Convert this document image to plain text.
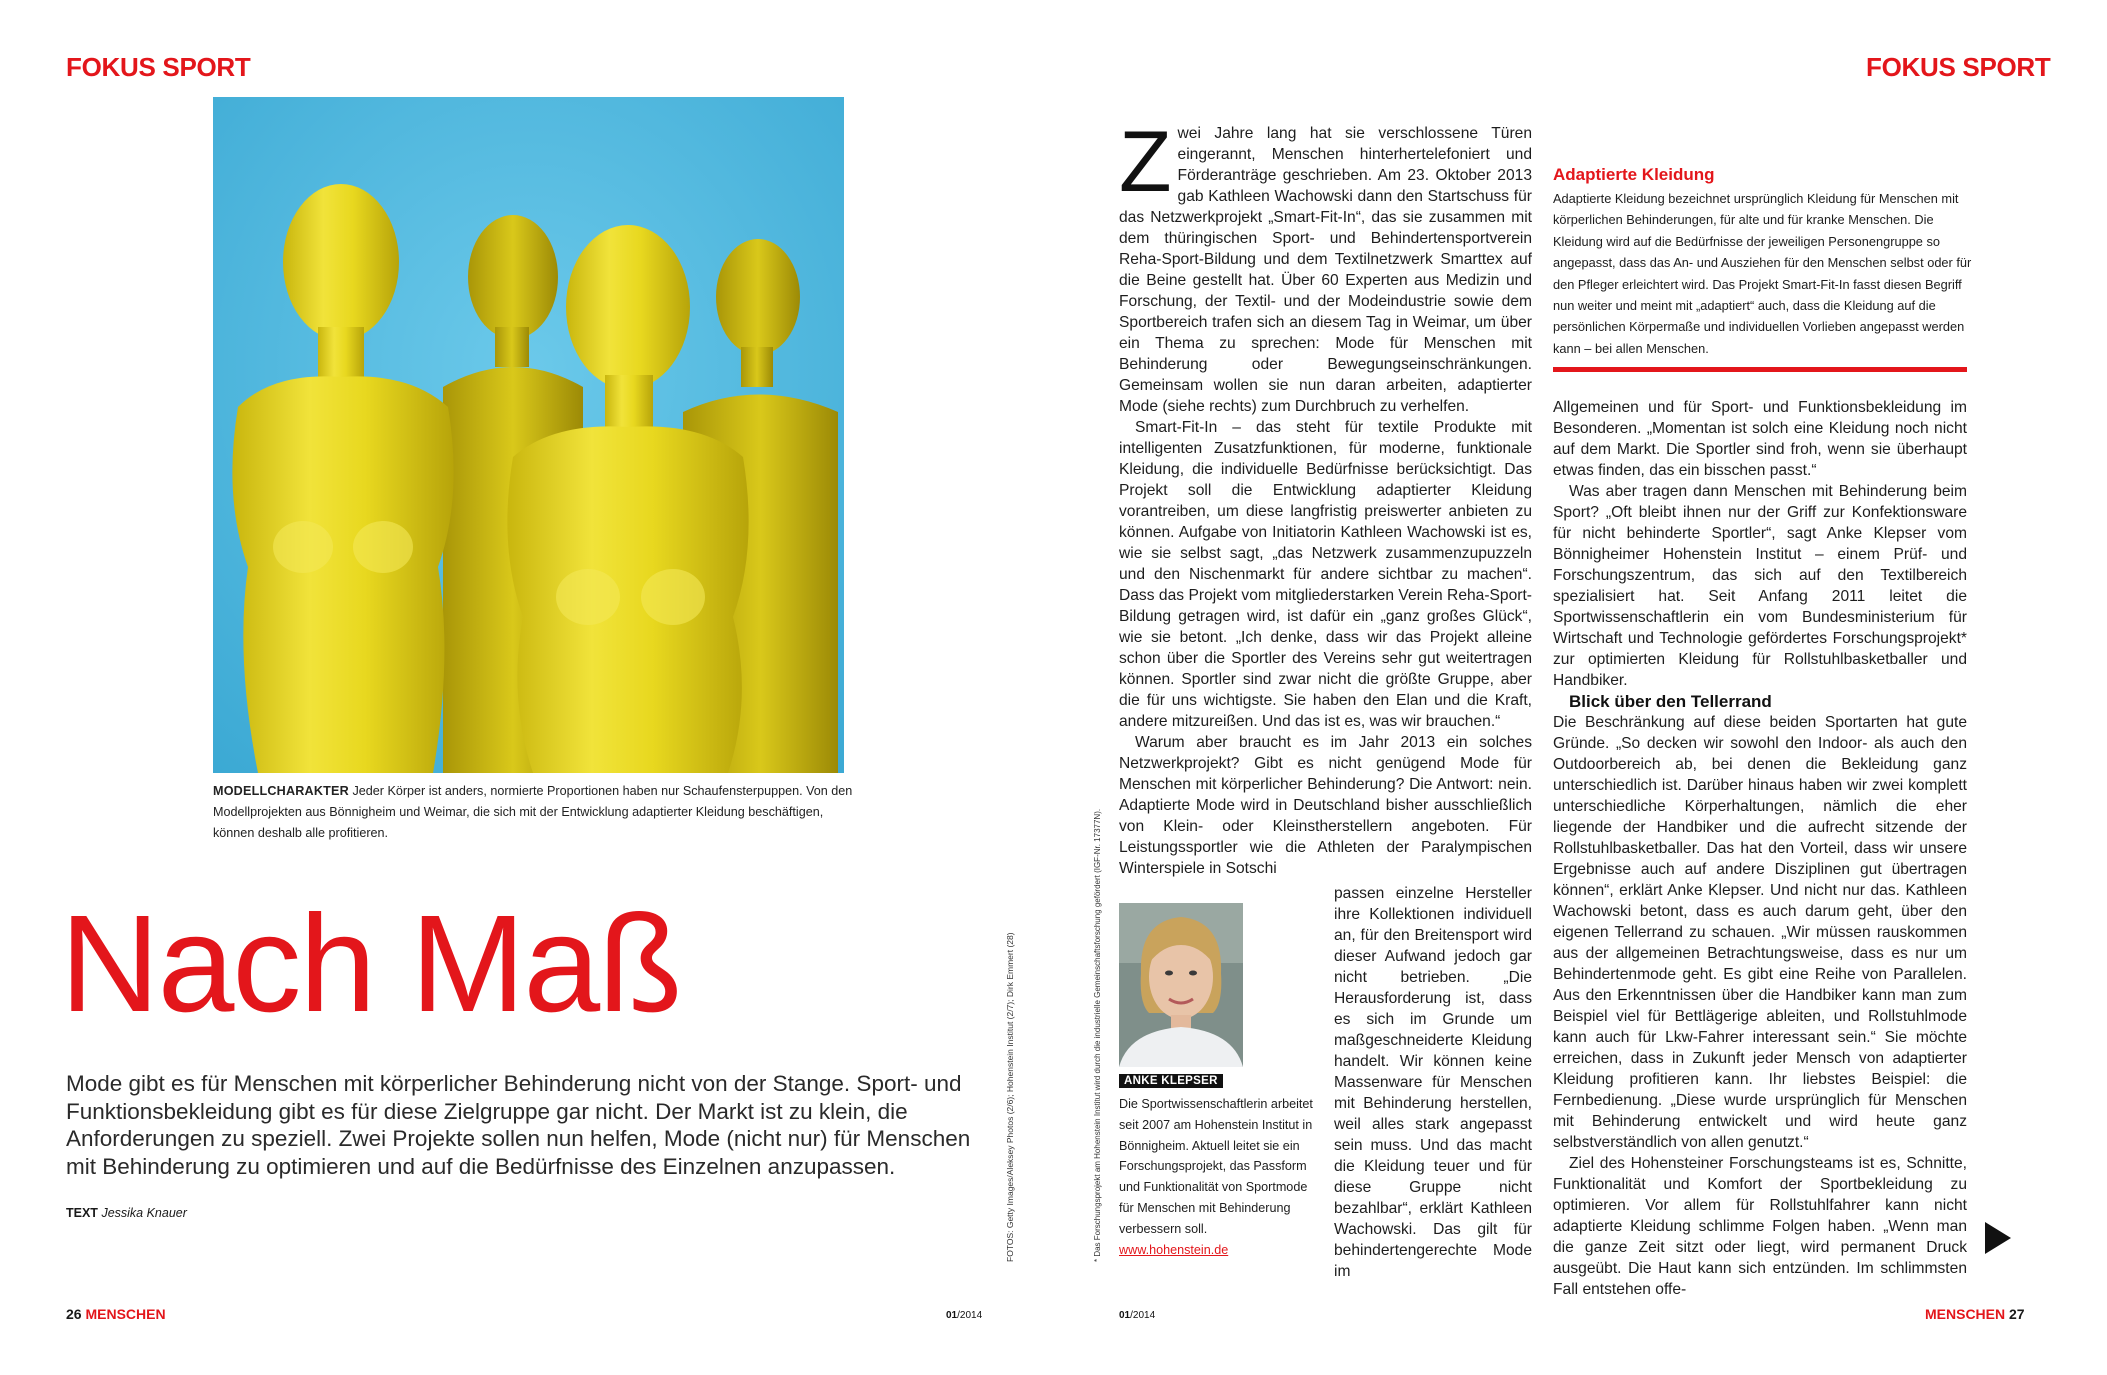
FOKUS SPORT
MODELLCHARAKTER Jeder Körper ist anders, normierte Proportionen haben nur Schaufensterpuppen. Von den Modellprojekten aus Bönnigheim und Weimar, die sich mit der Entwicklung adaptierter Kleidung beschäftigen, können deshalb alle profitieren.
Nach Maß
Mode gibt es für Menschen mit körperlicher Behinderung nicht von der Stange. Sport- und Funktionsbekleidung gibt es für diese Zielgruppe gar nicht. Der Markt ist zu klein, die Anforderungen zu speziell. Zwei Projekte sollen nun helfen, Mode (nicht nur) für Menschen mit Behinderung zu optimieren und auf die Bedürfnisse des Einzelnen anzupassen.
TEXT Jessika Knauer	FOTOS: Getty Images/Aleksey Photos (2/6); Hohenstein Institut (2/7); Dirk Emmert (28)
26 MENSCHEN	01/2014
FOKUS SPORT

Zwei Jahre lang hat sie verschlossene Türen eingerannt, Menschen hinterhertelefoniert und Förderanträge geschrieben. Am 23. Oktober 2013 gab Kathleen Wachowski dann den Startschuss für das Netzwerkprojekt „Smart-Fit-In“, das sie zusammen mit dem thüringischen Sport- und Behindertensportverein Reha-Sport-Bildung und dem Textilnetzwerk Smarttex auf die Beine gestellt hat. Über 60 Experten aus Medizin und Forschung, der Textil- und der Modeindustrie sowie dem Sportbereich trafen sich an diesem Tag in Weimar, um über ein Thema zu sprechen: Mode für Menschen mit Behinderung oder Bewegungseinschränkungen. Gemeinsam wollen sie nun daran arbeiten, adaptierter Mode (siehe rechts) zum Durchbruch zu verhelfen.

Smart-Fit-In – das steht für textile Produkte mit intelligenten Zusatzfunktionen, für moderne, funktionale Kleidung, die individuelle Bedürfnisse berücksichtigt. Das Projekt soll die Entwicklung adaptierter Kleidung vorantreiben, um diese langfristig preiswerter anbieten zu können. Aufgabe von Initiatorin Kathleen Wachowski ist es, wie sie selbst sagt, „das Netzwerk zusammenzupuzzeln und den Nischenmarkt für andere sichtbar zu machen“. Dass das Projekt vom mitgliederstarken Verein Reha-Sport-Bildung getragen wird, ist dafür ein „ganz großes Glück“, wie sie betont. „Ich denke, dass wir das Projekt alleine schon über die Sportler des Vereins sehr gut weitertragen können. Sportler sind zwar nicht die größte Gruppe, aber die für uns wichtigste. Sie haben den Elan und die Kraft, andere mitzureißen. Und das ist es, was wir brauchen.“

Warum aber braucht es im Jahr 2013 ein solches Netzwerkprojekt? Gibt es nicht genügend Mode für Menschen mit körperlicher Behinderung? Die Antwort: nein. Adaptierte Mode wird in Deutschland bisher ausschließlich von Klein- oder Kleinstherstellern angeboten. Für Leistungssportler wie die Athleten der Paralympischen Winterspiele in Sotschi

passen einzelne Hersteller ihre Kollektionen individuell an, für den Breitensport wird dieser Aufwand jedoch gar nicht betrieben. „Die Herausforderung ist, dass es sich im Grunde um maßgeschneiderte Kleidung handelt. Wir können keine Massenware für Menschen mit Behinderung herstellen, weil alles stark angepasst sein muss. Und das macht die Kleidung teuer und für diese Gruppe nicht bezahlbar“, erklärt Kathleen Wachowski. Das gilt für behindertengerechte Mode im

ANKE KLEPSER
Die Sportwissenschaftlerin arbeitet seit 2007 am Hohenstein Institut in Bönnigheim. Aktuell leitet sie ein Forschungsprojekt, das Passform und Funktionalität von Sportmode für Menschen mit Behinderung verbessern soll.
www.hohenstein.de
* Das Forschungsprojekt am Hohenstein Institut wird durch die industrielle Gemeinschaftsforschung gefördert (IGF-Nr. 17377N).
Adaptierte Kleidung
Adaptierte Kleidung bezeichnet ursprünglich Kleidung für Menschen mit körperlichen Behinderungen, für alte und für kranke Menschen. Die Kleidung wird auf die Bedürfnisse der jeweiligen Personengruppe so angepasst, dass das An- und Ausziehen für den Menschen selbst oder für den Pfleger erleichtert wird. Das Projekt Smart-Fit-In fasst diesen Begriff nun weiter und meint mit „adaptiert“ auch, dass die Kleidung auf die persönlichen Körpermaße und individuellen Vorlieben angepasst werden kann – bei allen Menschen.

Allgemeinen und für Sport- und Funktionsbekleidung im Besonderen. „Momentan ist solch eine Kleidung noch nicht auf dem Markt. Die Sportler sind froh, wenn sie überhaupt etwas finden, das ein bisschen passt.“

Was aber tragen dann Menschen mit Behinderung beim Sport? „Oft bleibt ihnen nur der Griff zur Konfektionsware für nicht behinderte Sportler“, sagt Anke Klepser vom Bönnigheimer Hohenstein Institut – einem Prüf- und Forschungszentrum, das sich auf den Textilbereich spezialisiert hat. Seit Anfang 2011 leitet die Sportwissenschaftlerin ein vom Bundesministerium für Wirtschaft und Technologie gefördertes Forschungsprojekt* zur optimierten Kleidung für Rollstuhlbasketballer und Handbiker.

Blick über den Tellerrand

Die Beschränkung auf diese beiden Sportarten hat gute Gründe. „So decken wir sowohl den Indoor- als auch den Outdoorbereich ab, bei denen die Bekleidung ganz unterschiedlich ist. Darüber hinaus haben wir zwei komplett unterschiedliche Körperhaltungen, nämlich die eher liegende der Handbiker und die aufrecht sitzende der Rollstuhlbasketballer. Das hat den Vorteil, dass wir unsere Ergebnisse auch auf andere Disziplinen gut übertragen können“, erklärt Anke Klepser. Und nicht nur das. Kathleen Wachowski betont, dass es auch darum geht, über den eigenen Tellerrand zu schauen. „Wir müssen rauskommen aus der allgemeinen Betrachtungsweise, dass es nur um Behindertenmode geht. Es gibt eine Reihe von Parallelen. Aus den Erkenntnissen über die Handbiker kann man zum Beispiel viel für Bettlägerige ableiten, und Rollstuhlmode kann auch für Lkw-Fahrer interessant sein.“ Sie möchte erreichen, dass in Zukunft jeder Mensch von adaptierter Kleidung profitieren kann. Ihr liebstes Beispiel: die Fernbedienung. „Diese wurde ursprünglich für Menschen mit Behinderung entwickelt und wird heute ganz selbstverständlich von allen genutzt.“

Ziel des Hohensteiner Forschungsteams ist es, Schnitte, Funktionalität und Komfort der Sportbekleidung zu optimieren. Vor allem für Rollstuhlfahrer kann nicht adaptierte Kleidung schlimme Folgen haben. „Wenn man die ganze Zeit sitzt oder liegt, wird permanent Druck ausgeübt. Die Haut kann sich entzünden. Im schlimmsten Fall entstehen offe-

01/2014	MENSCHEN 27
